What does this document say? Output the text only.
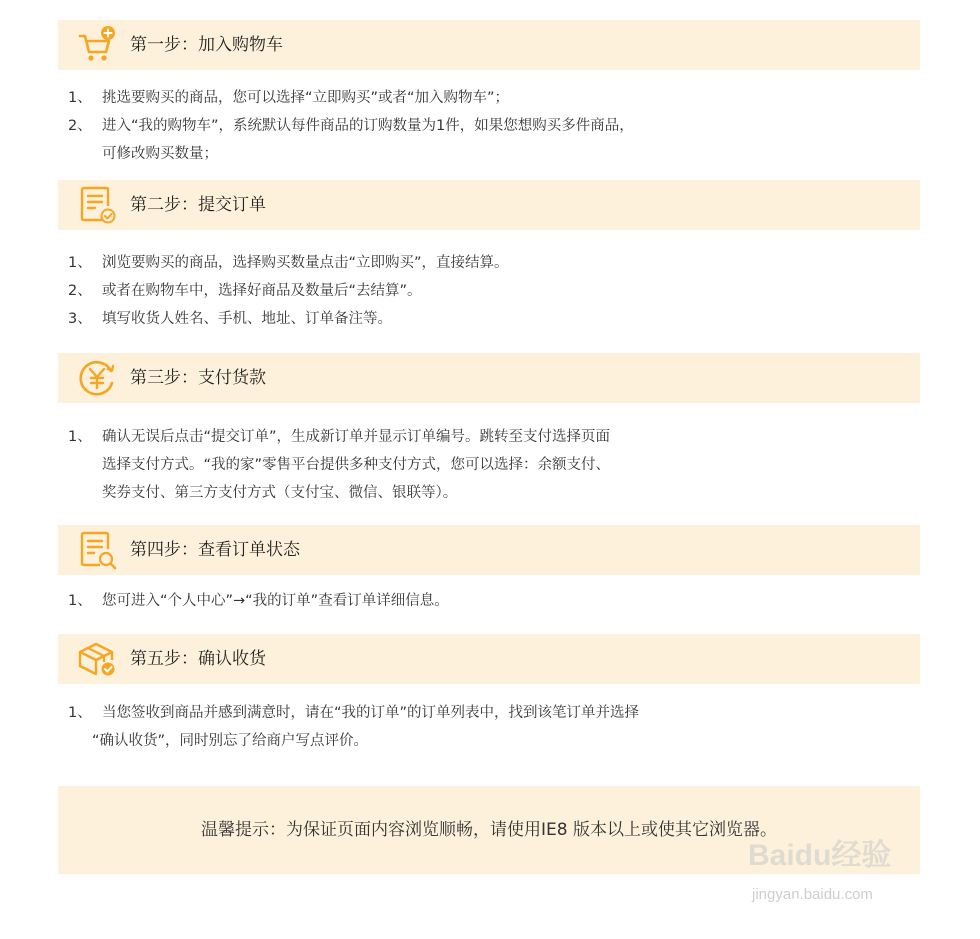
第一步：加入购物车
1、 挑选要购买的商品，您可以选择“立即购买”或者“加入购物车”；
2、 进入“我的购物车”，系统默认每件商品的订购数量为1件，如果您想购买多件商品，
可修改购买数量；
第二步：提交订单
1、 浏览要购买的商品，选择购买数量点击“立即购买”，直接结算。
2、 或者在购物车中，选择好商品及数量后“去结算”。
3、 填写收货人姓名、手机、地址、订单备注等。
第三步：支付货款
1、 确认无误后点击“提交订单”，生成新订单并显示订单编号。跳转至支付选择页面
选择支付方式。“我的家”零售平台提供多种支付方式，您可以选择：余额支付、
奖券支付、第三方支付方式（支付宝、微信、银联等）。
第四步：查看订单状态
1、 您可进入“个人中心”→“我的订单”查看订单详细信息。
第五步：确认收货
1、 当您签收到商品并感到满意时，请在“我的订单”的订单列表中，找到该笔订单并选择
“确认收货”，同时别忘了给商户写点评价。
温馨提示：为保证页面内容浏览顺畅，请使用IE8 版本以上或使其它浏览器。
Baidu经验
jingyan.baidu.com
